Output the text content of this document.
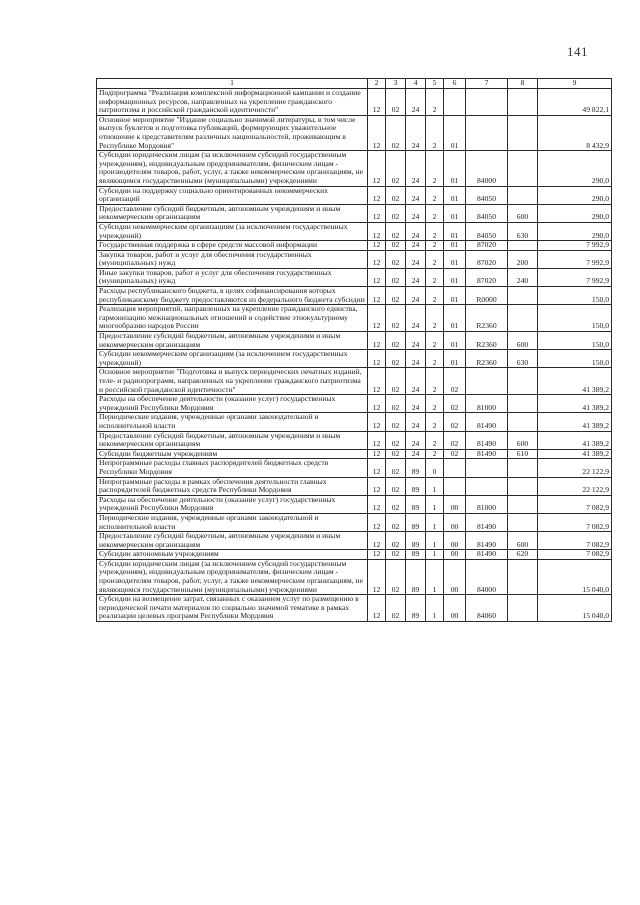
141
1	2	3	4	5	6	7	8	9
Подпрограмма "Реализация комплексной информационной кампании и создание информационных ресурсов, направленных на укрепление гражданского патриотизма и российской гражданской идентичности"	12	02	24	2				49 822,1
Основное мероприятие "Издание социально значимой литературы, в том числе выпуск буклетов и подготовка публикаций, формирующих уважительное отношение к представителям различных национальностей, проживающим в Республике Мордовия"	12	02	24	2	01			8 432,9
Субсидии юридическим лицам (за исключением субсидий государственным учреждениям), индивидуальным предпринимателям, физическим лицам - производителям товаров, работ, услуг, а также некоммерческим организациям, не являющимся государственными (муниципальными) учреждениями	12	02	24	2	01	84000		290,0
Субсидии на поддержку социально ориентированных некоммерческих организаций	12	02	24	2	01	84050		290,0
Предоставление субсидий бюджетным, автономным учреждениям и иным некоммерческим организациям	12	02	24	2	01	84050	600	290,0
Субсидии некоммерческим организациям (за исключением государственных учреждений)	12	02	24	2	01	84050	630	290,0
Государственная поддержка в сфере средств массовой информации	12	02	24	2	01	87020		7 992,9
Закупка товаров, работ и услуг для обеспечения государственных (муниципальных) нужд	12	02	24	2	01	87020	200	7 992,9
Иные закупки товаров, работ и услуг для обеспечения государственных (муниципальных) нужд	12	02	24	2	01	87020	240	7 992,9
Расходы республиканского бюджета, в целях софинансирования которых республиканскому бюджету предоставляются из федерального бюджета субсидии	12	02	24	2	01	R0000		150,0
Реализация мероприятий, направленных на укрепление гражданского единства, гармонизацию межнациональных отношений и содействие этнокультурному многообразию народов России	12	02	24	2	01	R2360		150,0
Предоставление субсидий бюджетным, автономным учреждениям и иным некоммерческим организациям	12	02	24	2	01	R2360	600	150,0
Субсидии некоммерческим организациям (за исключением государственных учреждений)	12	02	24	2	01	R2360	630	150,0
Основное мероприятие "Подготовка и выпуск периодических печатных изданий, теле- и радиопрограмм, направленных на укрепление гражданского патриотизма и российской гражданской идентичности"	12	02	24	2	02			41 389,2
Расходы на обеспечение деятельности (оказание услуг) государственных учреждений Республики Мордовия	12	02	24	2	02	81000		41 389,2
Периодические издания, учрежденные органами законодательной и исполнительной власти	12	02	24	2	02	81490		41 389,2
Предоставление субсидий бюджетным, автономным учреждениям и иным некоммерческим организациям	12	02	24	2	02	81490	600	41 389,2
Субсидии бюджетным учреждениям	12	02	24	2	02	81490	610	41 389,2
Непрограммные расходы главных распорядителей бюджетных средств Республики Мордовия	12	02	89	0				22 122,9
Непрограммные расходы в рамках обеспечения деятельности главных распорядителей бюджетных средств Республики Мордовия	12	02	89	1				22 122,9
Расходы на обеспечение деятельности (оказание услуг) государственных учреждений Республики Мордовия	12	02	89	1	00	81000		7 082,9
Периодические издания, учрежденные органами законодательной и исполнительной власти	12	02	89	1	00	81490		7 082,9
Предоставление субсидий бюджетным, автономным учреждениям и иным некоммерческим организациям	12	02	89	1	00	81490	600	7 082,9
Субсидии автономным учреждениям	12	02	89	1	00	81490	620	7 082,9
Субсидии юридическим лицам (за исключением субсидий государственным учреждениям), индивидуальным предпринимателям, физическим лицам - производителям товаров, работ, услуг, а также некоммерческим организациям, не являющимся государственными (муниципальными) учреждениями	12	02	89	1	00	84000		15 040,0
Субсидии на возмещение затрат, связанных с оказанием услуг по размещению в периодической печати материалов по социально значимой тематике в рамках реализации целевых программ Республики Мордовия	12	02	89	1	00	84060		15 040,0
